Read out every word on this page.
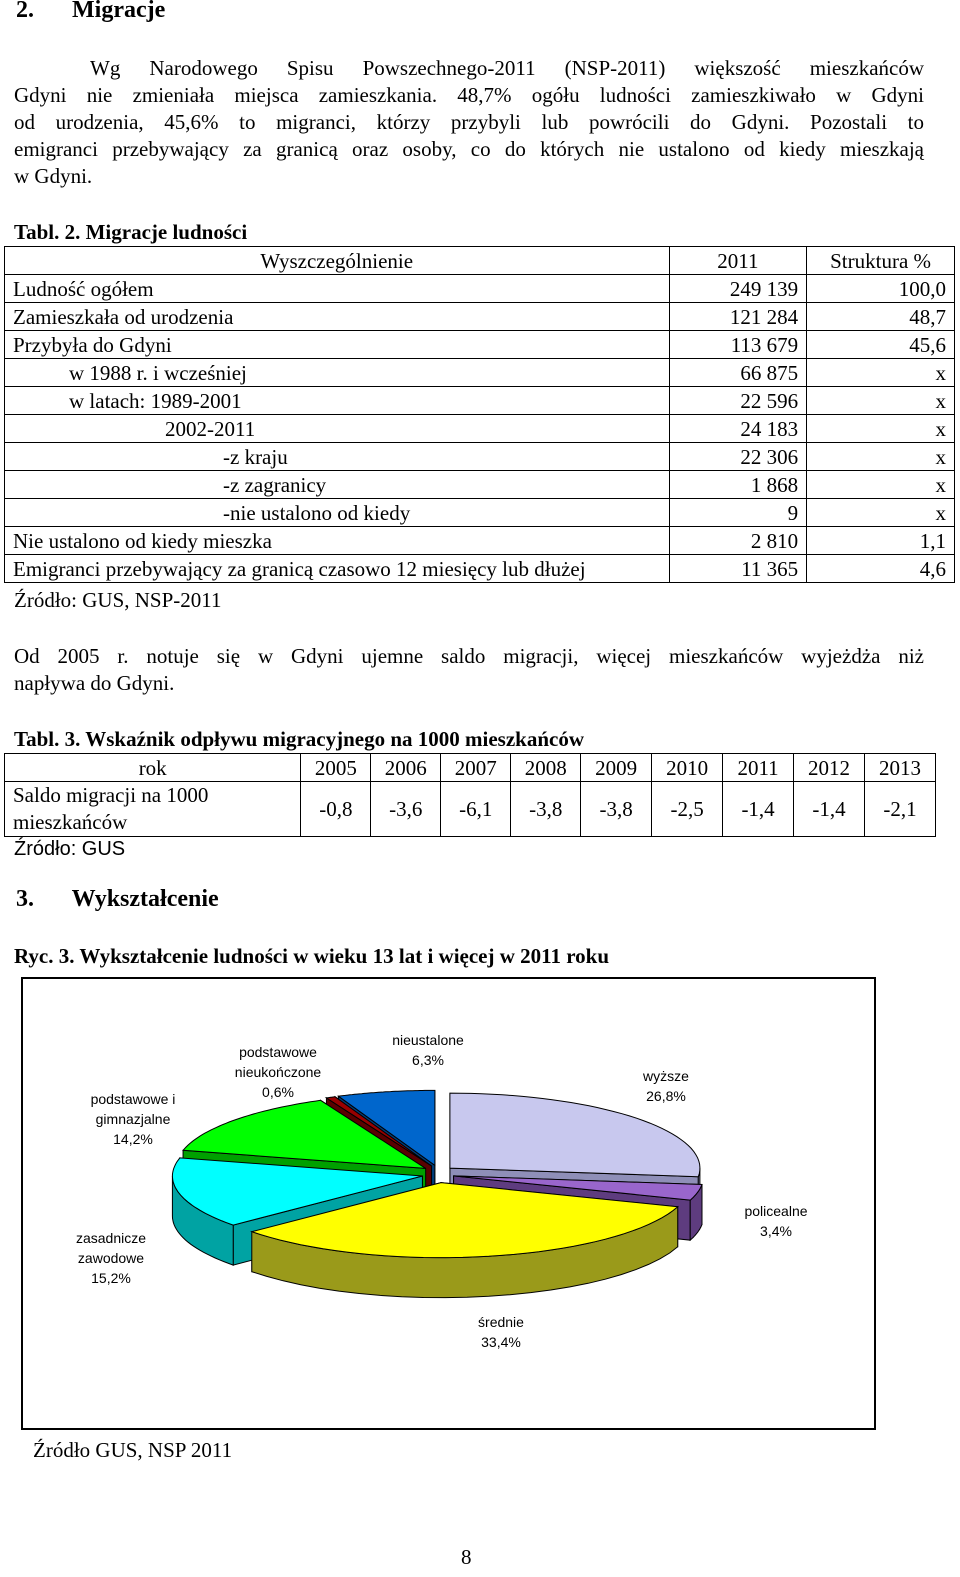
2. Migracje
Wg Narodowego Spisu Powszechnego-2011 (NSP-2011) większość mieszkańców
Gdyni nie zmieniała miejsca zamieszkania. 48,7% ogółu ludności zamieszkiwało w Gdyni
od urodzenia, 45,6% to migranci, którzy przybyli lub powrócili do Gdyni. Pozostali to
emigranci przebywający za granicą oraz osoby, co do których nie ustalono od kiedy mieszkają
w Gdyni.
Tabl. 2. Migracje ludności
Wyszczególnienie	2011	Struktura %
Ludność ogółem	249 139	100,0
Zamieszkała od urodzenia	121 284	48,7
Przybyła do Gdyni	113 679	45,6
w 1988 r. i wcześniej	66 875	x
w latach: 1989-2001	22 596	x
2002-2011	24 183	x
-z kraju	22 306	x
-z zagranicy	1 868	x
-nie ustalono od kiedy	9	x
Nie ustalono od kiedy mieszka	2 810	1,1
Emigranci przebywający za granicą czasowo 12 miesięcy lub dłużej	11 365	4,6
Źródło: GUS, NSP-2011
Od 2005 r. notuje się w Gdyni ujemne saldo migracji, więcej mieszkańców wyjeżdża niż
napływa do Gdyni.
Tabl. 3. Wskaźnik odpływu migracyjnego na 1000 mieszkańców
rok	2005	2006	2007	2008	2009	2010	2011	2012	2013

Saldo migracji na 1000
mieszkańców	-0,8	-3,6	-6,1	-3,8	-3,8	-2,5	-1,4	-1,4	-2,1
Źródło: GUS
3. Wykształcenie
Ryc. 3. Wykształcenie ludności w wieku 13 lat i więcej w 2011 roku
podstawowe i
gimnazjalne
14,2%
podstawowe
nieukończone
0,6%
nieustalone
6,3%
wyższe
26,8%
policealne
3,4%
zasadnicze
zawodowe
15,2%
średnie
33,4%
Źródło GUS, NSP 2011
8
